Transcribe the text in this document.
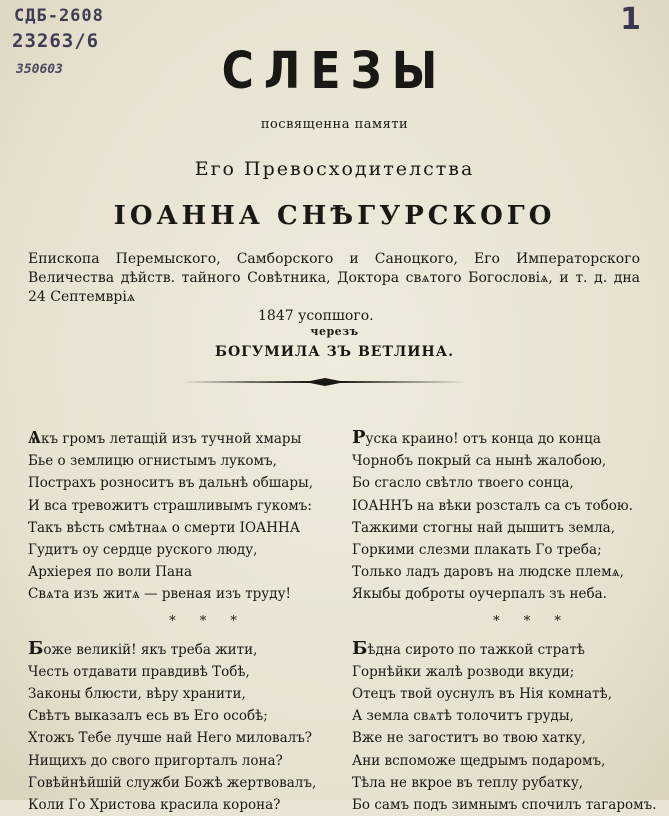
СДБ-2608
23263/6
350603
1
СЛЕЗЫ
посвященна памяти
Его Превосходителства
ІОАННА СНѢГУРСКОГО
Епископа Перемыского, Самборского и Саноцкого, Его Императорского Величества дѣйств. тайного Совѣтника, Доктора свѧтого Богословіѧ, и т. д. дна 24 Септемвріѧ
1847 усопшого.
черезъ
БОГУМИЛА ЗЪ ВЕТЛИНА.
Ѧкъ громъ летащій изъ тучной хмары
Бье о землицю огнистымъ лукомъ,
Пострахъ розноситъ въ дальнѣ обшары,
И вса тревожитъ страшливымъ гукомъ:
Такъ вѣсть смѣтнаѧ о смерти ІОАННА
Гудитъ оу сердце руского люду,
Архіерея по воли Пана
Свѧта изъ житѧ — рвеная изъ труду!
* * *
Боже великій! якъ треба жити,
Честь отдавати правдивѣ Тобѣ,
Законы блюсти, вѣру хранити,
Свѣтъ выказалъ есь въ Его особѣ;
Хтожъ Тебе лучше най Него миловалъ?
Нищихъ до свого пригорталъ лона?
Говѣйнѣйшій служби Божѣ жертвовалъ,
Коли Го Христова красила корона?
Руска краино! отъ конца до конца
Чорнобъ покрый са нынѣ жалобою,
Бо сгасло свѣтло твоего сонца,
ІОАННЪ на вѣки розсталъ са съ тобою.
Тажкими стогны най дышитъ земла,
Горкими слезми плакать Го треба;
Только ладъ даровъ на людске племѧ,
Якыбы доброты оучерпалъ зъ неба.
* * *
Бѣдна сирото по тажкой стратѣ
Горнѣйки жалѣ розводи вкуди;
Отецъ твой оуснулъ въ Нія комнатѣ,
А земла свѧтѣ толочитъ груды,
Вже не загоститъ во твою хатку,
Ани вспоможе щедрымъ подаромъ,
Тѣла не вкрое въ теплу рубатку,
Бо самъ подъ зимнымъ спочилъ тагаромъ.
